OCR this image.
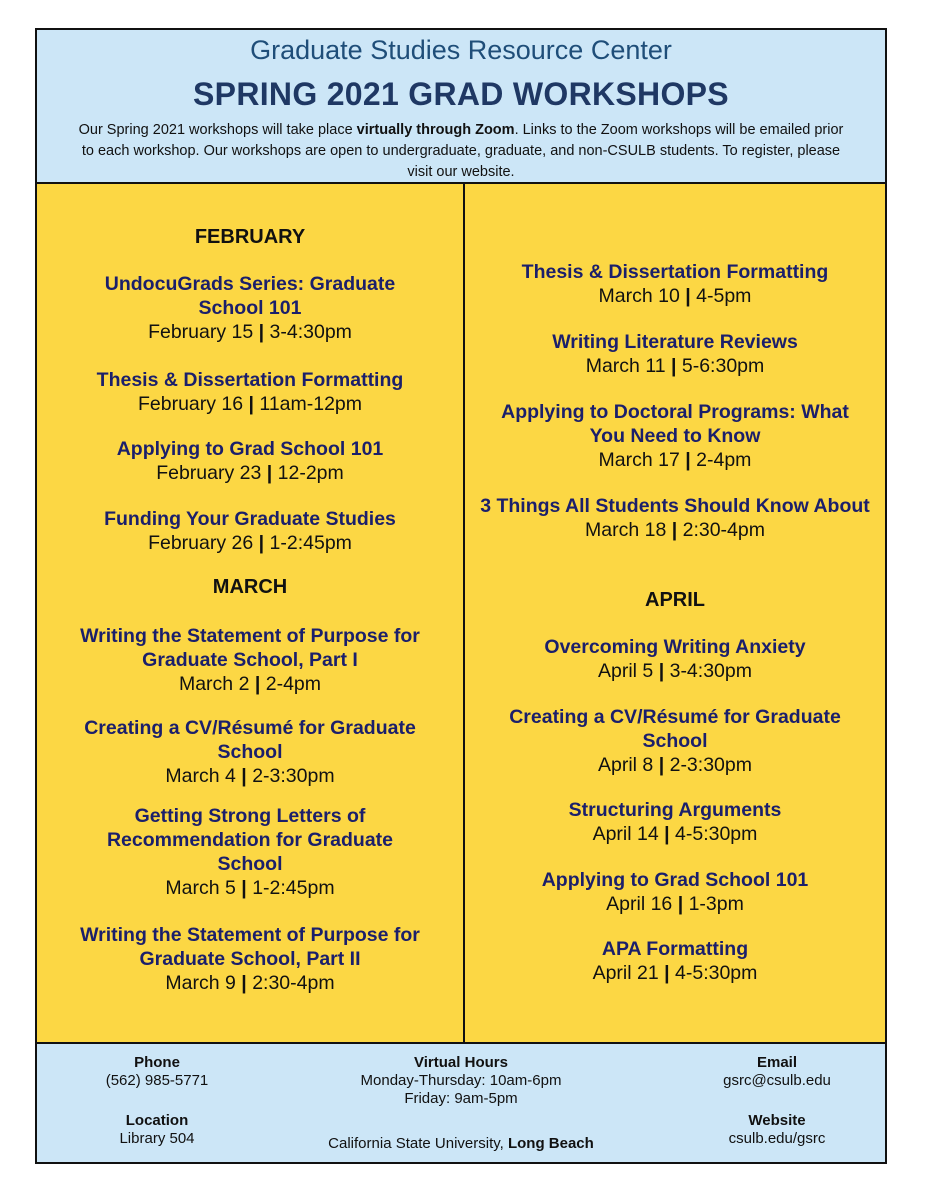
Graduate Studies Resource Center
SPRING 2021 GRAD WORKSHOPS
Our Spring 2021 workshops will take place virtually through Zoom. Links to the Zoom workshops will be emailed prior to each workshop. Our workshops are open to undergraduate, graduate, and non-CSULB students. To register, please visit our website.
FEBRUARY
UndocuGrads Series: Graduate School 101
February 15 | 3-4:30pm
Thesis & Dissertation Formatting
February 16 | 11am-12pm
Applying to Grad School 101
February 23 | 12-2pm
Funding Your Graduate Studies
February 26 | 1-2:45pm
MARCH
Writing the Statement of Purpose for Graduate School, Part I
March 2 | 2-4pm
Creating a CV/Résumé for Graduate School
March 4 | 2-3:30pm
Getting Strong Letters of Recommendation for Graduate School
March 5 | 1-2:45pm
Writing the Statement of Purpose for Graduate School, Part II
March 9 | 2:30-4pm
Thesis & Dissertation Formatting
March 10 | 4-5pm
Writing Literature Reviews
March 11 | 5-6:30pm
Applying to Doctoral Programs: What You Need to Know
March 17 | 2-4pm
3 Things All Students Should Know About
March 18 | 2:30-4pm
APRIL
Overcoming Writing Anxiety
April 5 | 3-4:30pm
Creating a CV/Résumé for Graduate School
April 8 | 2-3:30pm
Structuring Arguments
April 14 | 4-5:30pm
Applying to Grad School 101
April 16 | 1-3pm
APA Formatting
April 21 | 4-5:30pm
Phone
(562) 985-5771
Location
Library 504
Virtual Hours
Monday-Thursday: 10am-6pm
Friday: 9am-5pm
California State University, Long Beach
Email
gsrc@csulb.edu
Website
csulb.edu/gsrc
